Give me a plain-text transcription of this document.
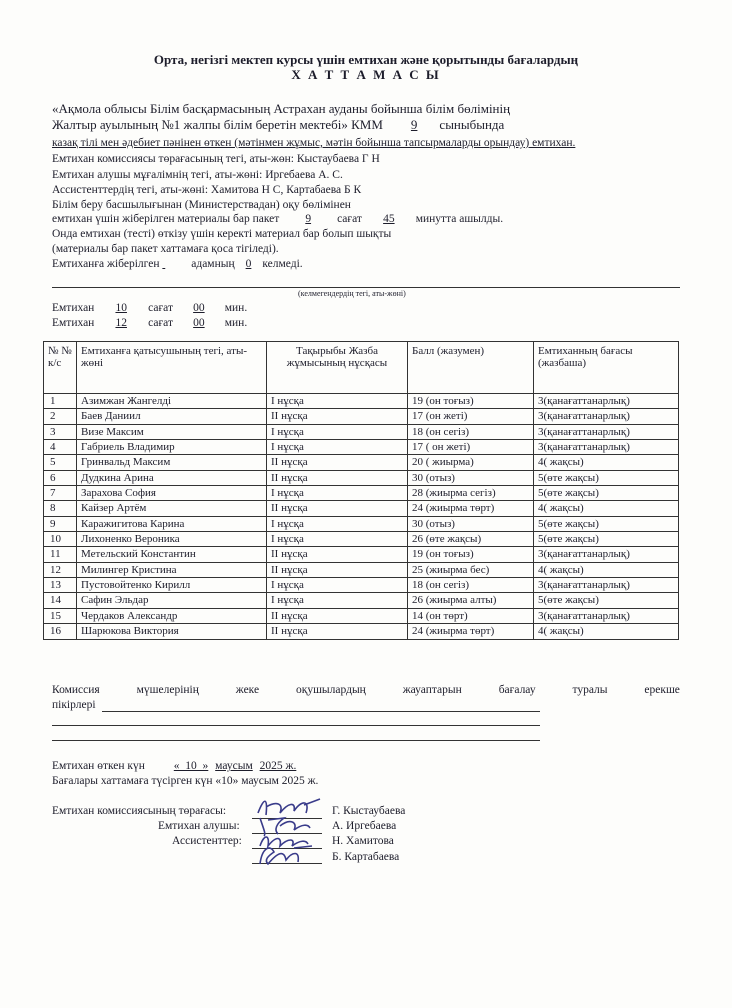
Орта, негізгі мектеп курсы үшін емтихан және қорытынды бағалардың
Х А Т Т А М А С Ы
«Ақмола облысы Білім басқармасының Астрахан ауданы бойынша білім бөлімінің
Жалтыр ауылының №1 жалпы білім беретін мектебі» КММ 9 сыныбында
казақ тілі мен әдебиет пәнінен өткен (мәтінмен жұмыс, мәтін бойынша тапсырмаларды орындау) емтихан.
Емтихан комиссиясы төрағасының тегі, аты-жөн: Кыстаубаева Г Н
Емтихан алушы мұғалімнің тегі, аты-жөні: Иргебаева А. С.
Ассистенттердің тегі, аты-жөні: Хамитова Н С, Картабаева Б К
Білім беру басшылығынан (Министерствадан) оқу бөлімінен
емтихан үшін жіберілген материалы бар пакет 9 сағат 45 минутта ашылды.
Онда емтихан (тесті) өткізу үшін керекті материал бар болып шықты
(материалы бар пакет хаттамаға қоса тігіледі).
Емтиханға жіберілген	адамның 0 келмеді.
(келмегендердің тегі, аты-жөні)
Емтихан 10 сағат 00 мин.
Емтихан 12 сағат 00 мин.
№ № к/с	Емтиханға қатысушының тегі, аты-жөні	Тақырыбы Жазба жұмысының нұсқасы	Балл (жазумен)	Емтиханның бағасы (жазбаша)
1	Азимжан Жангелді	I нұсқа	19 (он тоғыз)	3(қанағаттанарлық)
2	Баев Даниил	II нұсқа	17 (он жеті)	3(қанағаттанарлық)
3	Визе Максим	I нұсқа	18 (он сегіз)	3(қанағаттанарлық)
4	Габриель Владимир	I нұсқа	17 ( он жеті)	3(қанағаттанарлық)
5	Гринвальд Максим	II нұсқа	20 ( жиырма)	4( жақсы)
6	Дудкина Арина	II нұсқа	30 (отыз)	5(өте жақсы)
7	Зарахова София	I нұсқа	28 (жиырма сегіз)	5(өте жақсы)
8	Кайзер Артём	II нұсқа	24 (жиырма төрт)	4( жақсы)
9	Каражигитова Карина	I нұсқа	30 (отыз)	5(өте жақсы)
10	Лихоненко Вероника	I нұсқа	26 (өте жақсы)	5(өте жақсы)
11	Метельский Константин	II нұсқа	19 (он тоғыз)	3(қанағаттанарлық)
12	Милингер Кристина	II нұсқа	25 (жиырма бес)	4( жақсы)
13	Пустовойтенко Кирилл	I нұсқа	18 (он сегіз)	3(қанағаттанарлық)
14	Сафин Эльдар	I нұсқа	26 (жиырма алты)	5(өте жақсы)
15	Чердаков Александр	II нұсқа	14 (он төрт)	3(қанағаттанарлық)
16	Шарюкова Виктория	II нұсқа	24 (жиырма төрт)	4( жақсы)
Комиссия	мүшелерінің	жеке	оқушылардың	жауаптарын	бағалау	туралы	ерекше
пікірлері
Емтихан өткен күн	«_10_» маусым 2025 ж.
Бағалары хаттамаға түсірген күн «10» маусым 2025 ж.
Емтихан комиссиясының төрағасы:	Г. Кыстаубаева
Емтихан алушы:	А. Иргебаева
Ассистенттер:	Н. Хамитова
Б. Картабаева
